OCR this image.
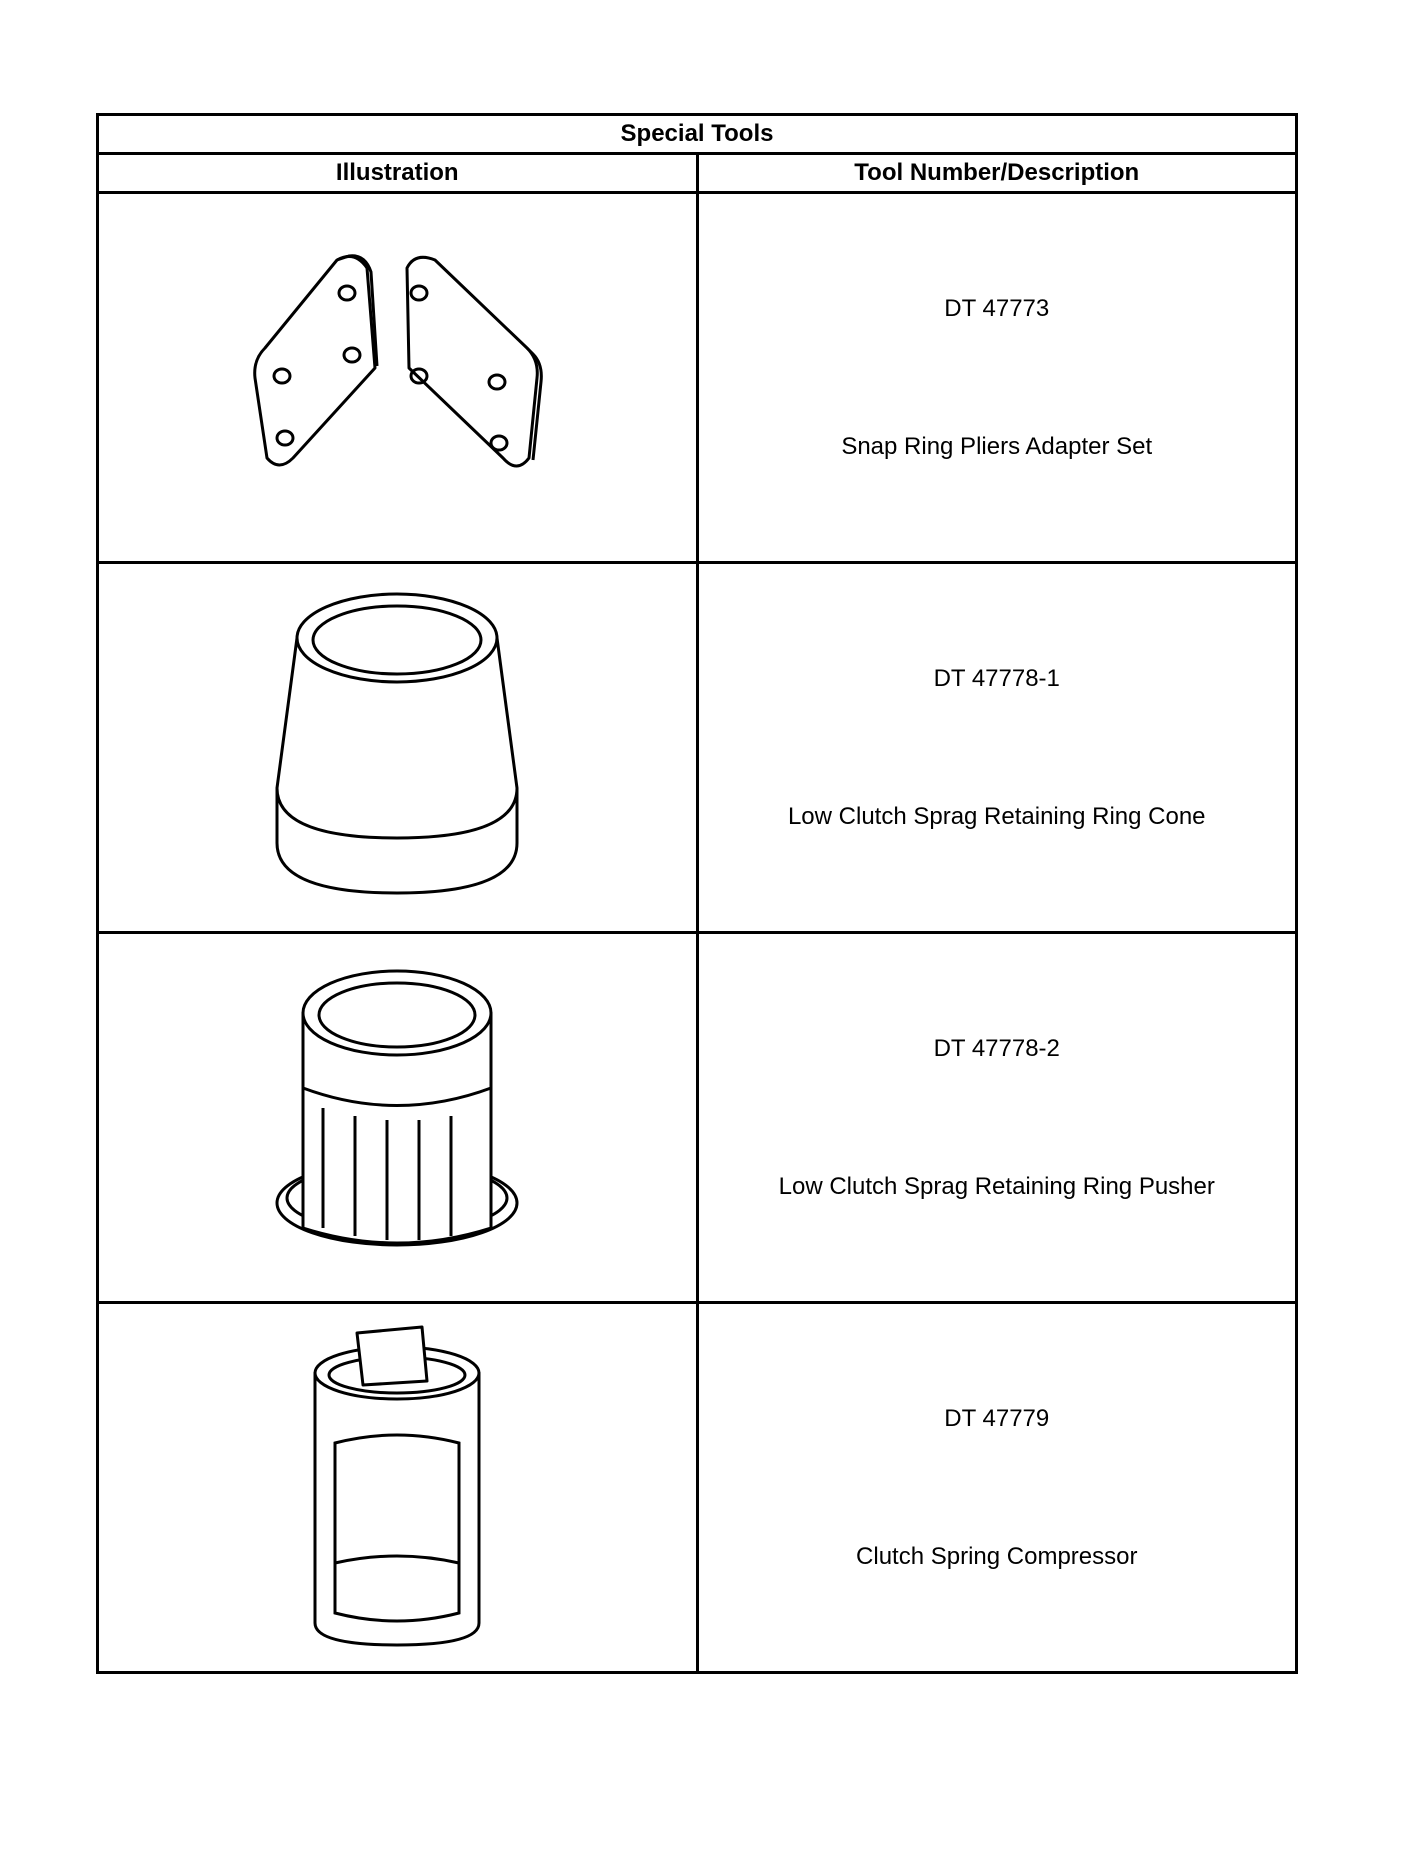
Special Tools	
Illustration	Tool Number/Description

DT 47773
Snap Ring Pliers Adapter Set

DT 47778-1
Low Clutch Sprag Retaining Ring Cone

DT 47778-2
Low Clutch Sprag Retaining Ring Pusher

DT 47779
Clutch Spring Compressor
